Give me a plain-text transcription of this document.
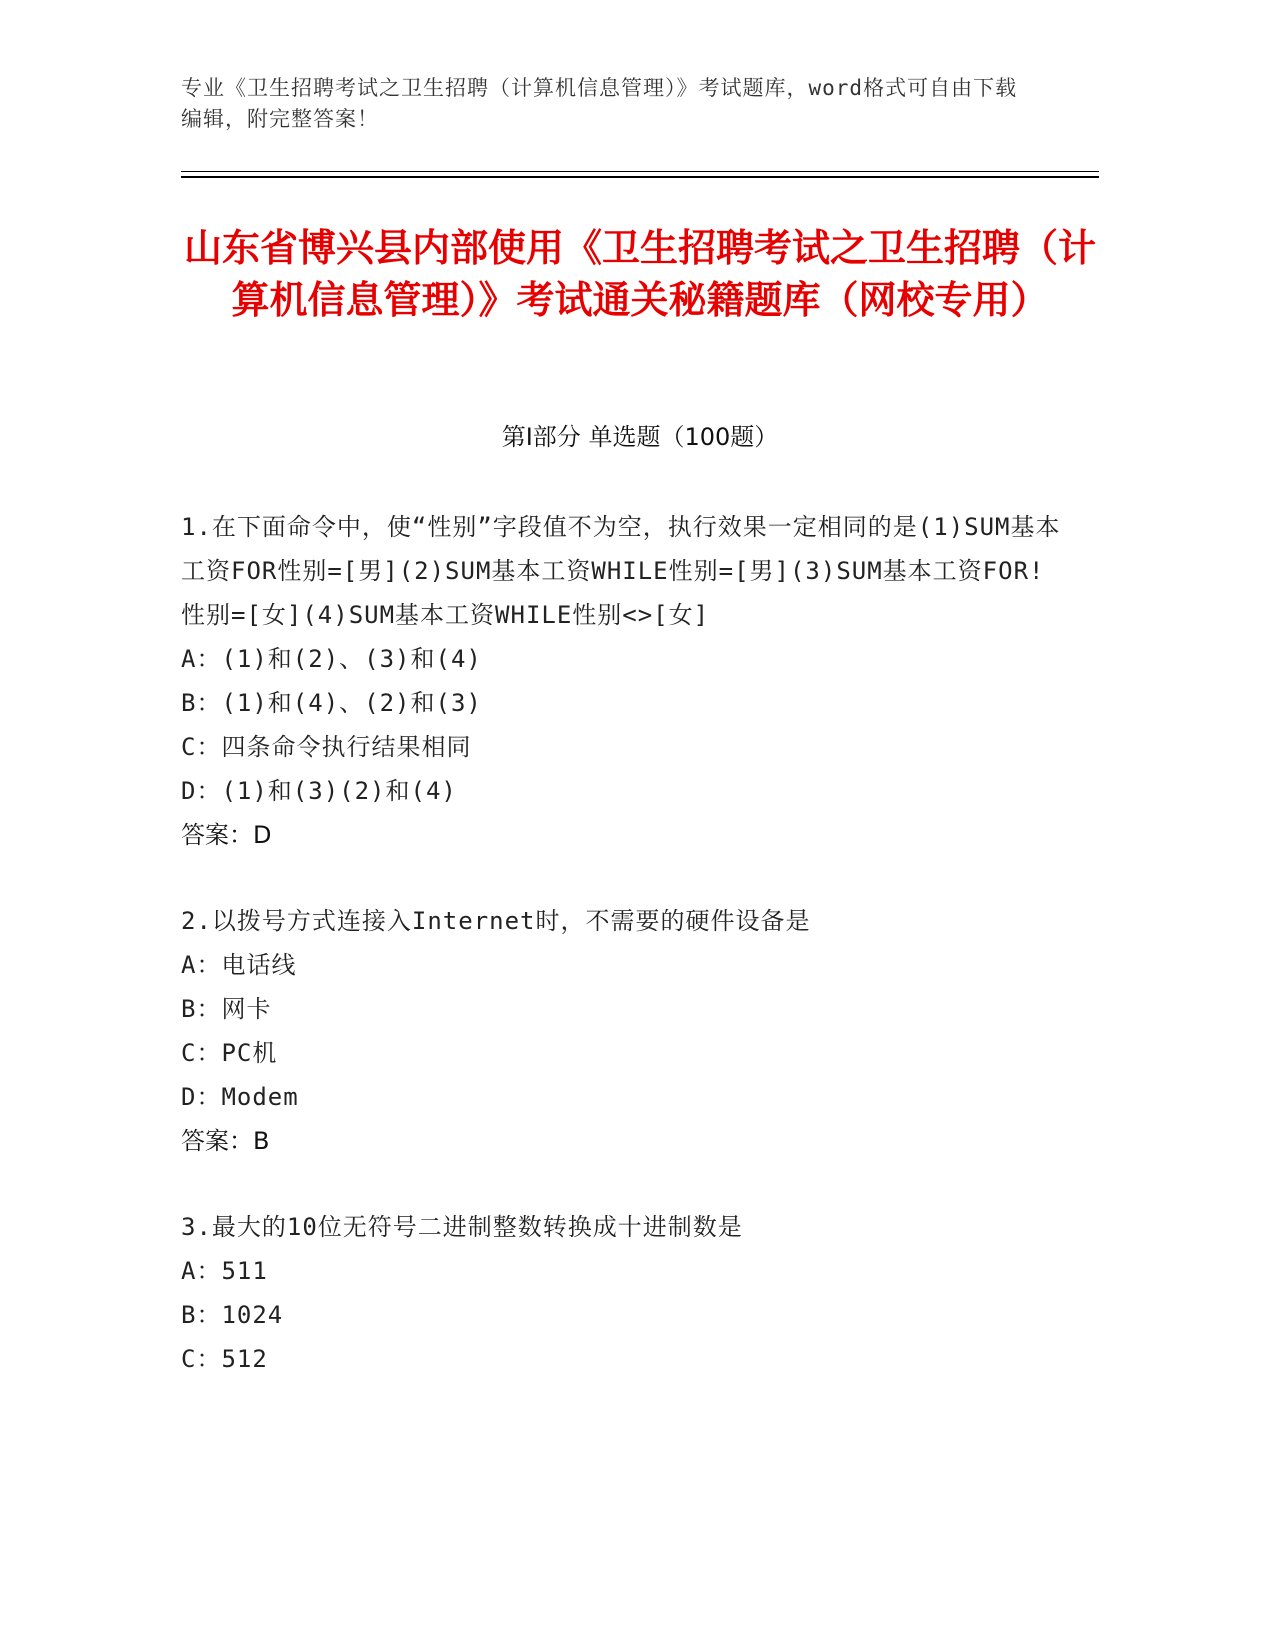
专业《卫生招聘考试之卫生招聘（计算机信息管理）》考试题库，word格式可自由下载编辑，附完整答案！
山东省博兴县内部使用《卫生招聘考试之卫生招聘（计算机信息管理）》考试通关秘籍题库（网校专用）
第I部分 单选题（100题）
1.在下面命令中，使“性别”字段值不为空，执行效果一定相同的是(1)SUM基本工资FOR性别=[男](2)SUM基本工资WHILE性别=[男](3)SUM基本工资FOR!性别=[女](4)SUM基本工资WHILE性别<>[女]
A：(1)和(2)、(3)和(4)
B：(1)和(4)、(2)和(3)
C：四条命令执行结果相同
D：(1)和(3)(2)和(4)
答案：D
2.以拨号方式连接入Internet时，不需要的硬件设备是
A：电话线
B：网卡
C：PC机
D：Modem
答案：B
3.最大的10位无符号二进制整数转换成十进制数是
A：511
B：1024
C：512
